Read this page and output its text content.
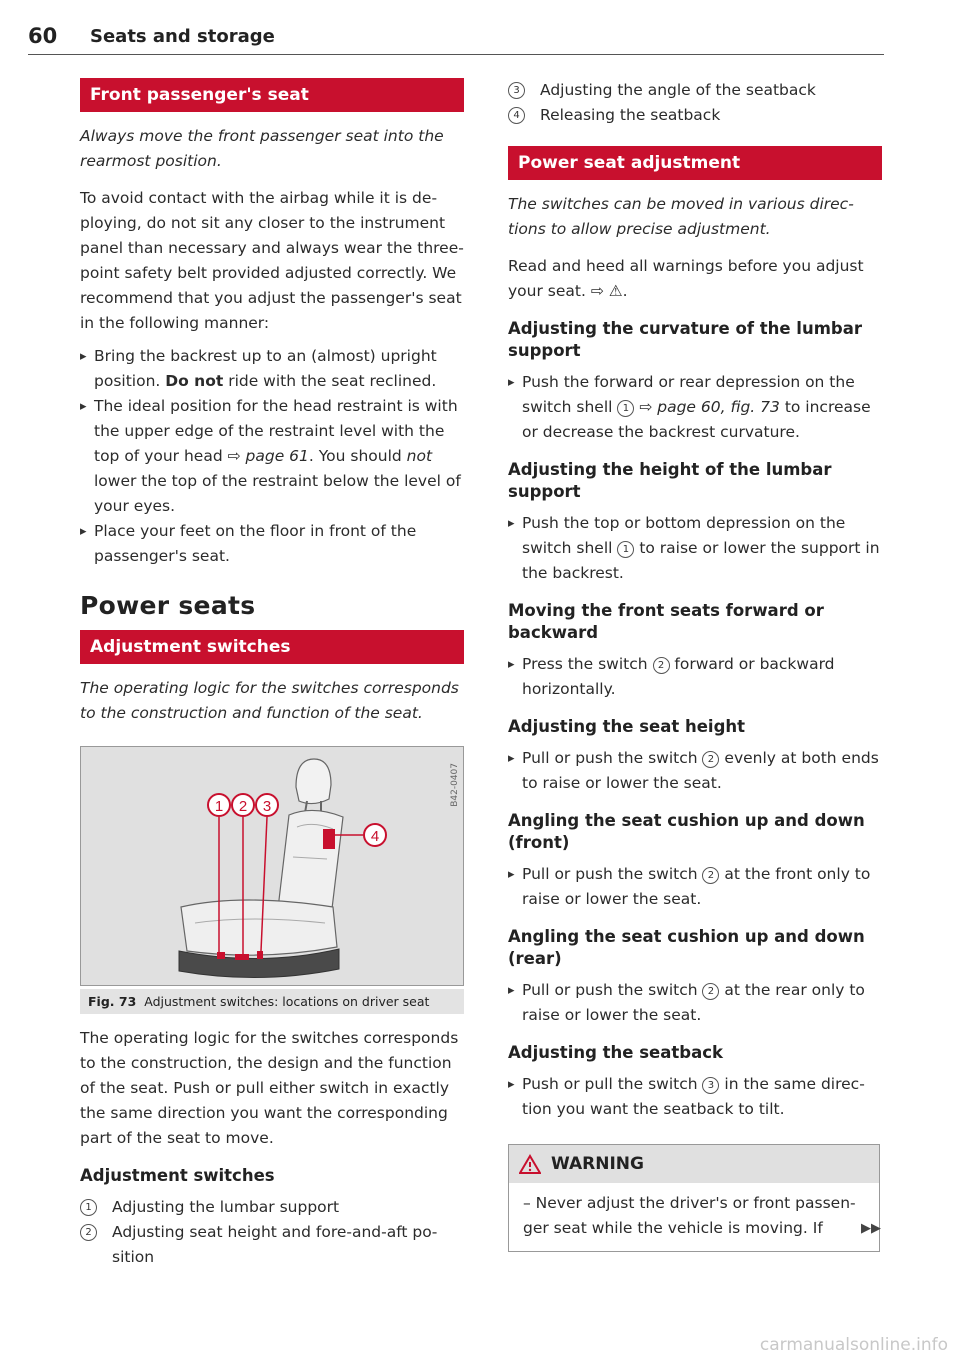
60 Seats and storage
Front passenger's seat

Always move the front passenger seat into the rearmost position.

To avoid contact with the airbag while it is deploying, do not sit any closer to the instrument panel than necessary and always wear the three-point safety belt provided adjusted correctly. We recommend that you adjust the passenger's seat in the following manner:

▸ Bring the backrest up to an (almost) upright position. Do not ride with the seat reclined.
▸ The ideal position for the head restraint is with the upper edge of the restraint level with the top of your head ⇨ page 61. You should not lower the top of the restraint below the level of your eyes.
▸ Place your feet on the floor in front of the passenger's seat.
Power seats
Adjustment switches

The operating logic for the switches corresponds to the construction and function of the seat.

1 2 3
4
B42-0407
Fig. 73 Adjustment switches: locations on driver seat

The operating logic for the switches corresponds to the construction, the design and the function of the seat. Push or pull either switch in exactly the same direction you want the corresponding part of the seat to move.

Adjustment switches
1	Adjusting the lumbar support
2	Adjusting seat height and fore-and-aft position
3	Adjusting the angle of the seatback
4	Releasing the seatback
Power seat adjustment

The switches can be moved in various directions to allow precise adjustment.

Read and heed all warnings before you adjust your seat. ⇨ ⚠.

Adjusting the curvature of the lumbar support
▸ Push the forward or rear depression on the switch shell 1 ⇨ page 60, fig. 73 to increase or decrease the backrest curvature.
Adjusting the height of the lumbar support
▸ Push the top or bottom depression on the switch shell 1 to raise or lower the support in the backrest.
Moving the front seats forward or backward
▸ Press the switch 2 forward or backward horizontally.
Adjusting the seat height
▸ Pull or push the switch 2 evenly at both ends to raise or lower the seat.
Angling the seat cushion up and down (front)
▸ Pull or push the switch 2 at the front only to raise or lower the seat.
Angling the seat cushion up and down (rear)
▸ Pull or push the switch 2 at the rear only to raise or lower the seat.
Adjusting the seatback
▸ Push or pull the switch 3 in the same direction you want the seatback to tilt.
WARNING
– Never adjust the driver's or front passenger seat while the vehicle is moving. If	▶▶
carmanualsonline.info
